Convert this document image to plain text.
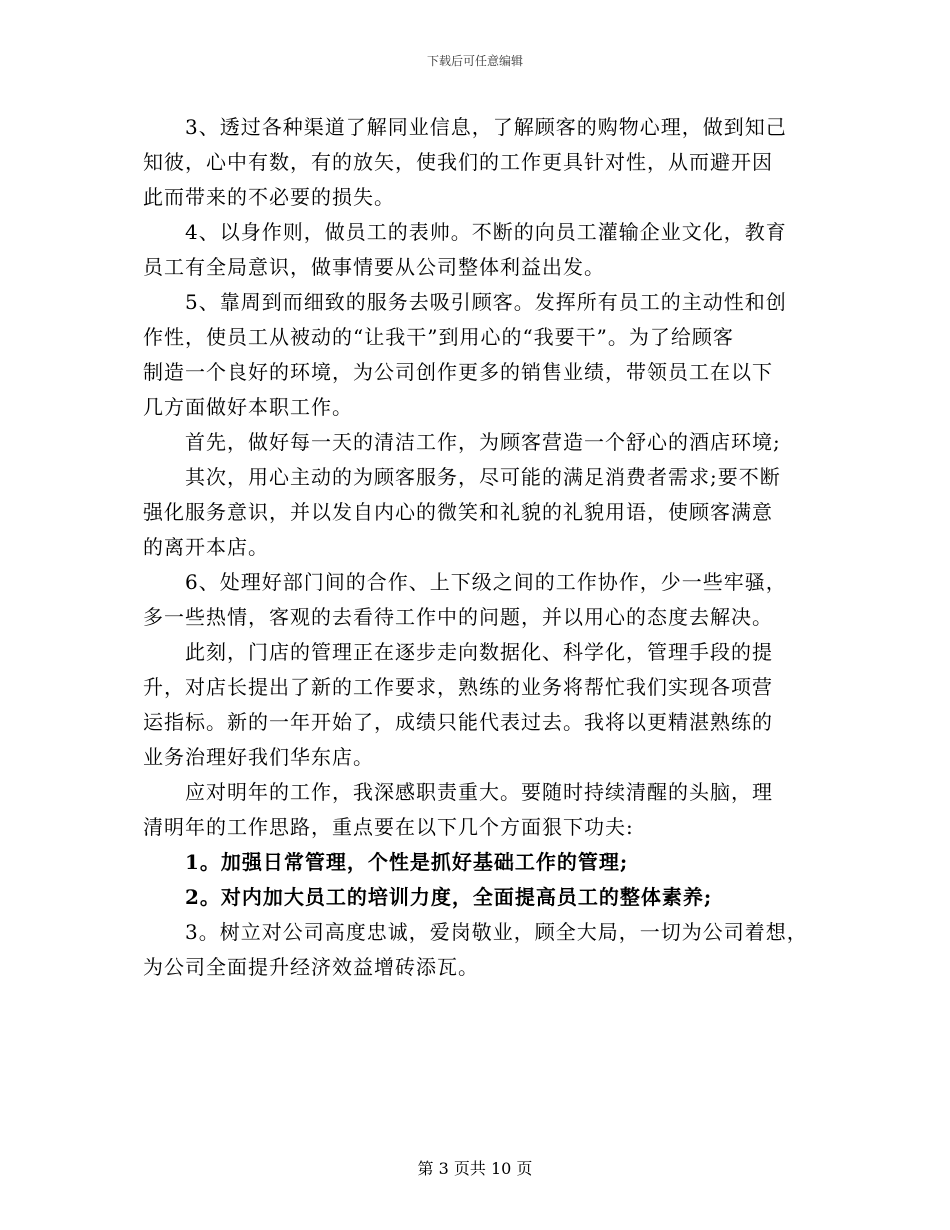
下载后可任意编辑
3、透过各种渠道了解同业信息，了解顾客的购物心理，做到知己
知彼，心中有数，有的放矢，使我们的工作更具针对性，从而避开因
此而带来的不必要的损失。
4、以身作则，做员工的表帅。不断的向员工灌输企业文化，教育
员工有全局意识，做事情要从公司整体利益出发。
5、靠周到而细致的服务去吸引顾客。发挥所有员工的主动性和创
作性，使员工从被动的“让我干”到用心的“我要干”。为了给顾客
制造一个良好的环境，为公司创作更多的销售业绩，带领员工在以下
几方面做好本职工作。
首先，做好每一天的清洁工作，为顾客营造一个舒心的酒店环境;
其次，用心主动的为顾客服务，尽可能的满足消费者需求;要不断
强化服务意识，并以发自内心的微笑和礼貌的礼貌用语，使顾客满意
的离开本店。
6、处理好部门间的合作、上下级之间的工作协作，少一些牢骚，
多一些热情，客观的去看待工作中的问题，并以用心的态度去解决。
此刻，门店的管理正在逐步走向数据化、科学化，管理手段的提
升，对店长提出了新的工作要求，熟练的业务将帮忙我们实现各项营
运指标。新的一年开始了，成绩只能代表过去。我将以更精湛熟练的
业务治理好我们华东店。
应对明年的工作，我深感职责重大。要随时持续清醒的头脑，理
清明年的工作思路，重点要在以下几个方面狠下功夫:
1。加强日常管理，个性是抓好基础工作的管理;
2。对内加大员工的培训力度，全面提高员工的整体素养;
3。树立对公司高度忠诚，爱岗敬业，顾全大局，一切为公司着想，
为公司全面提升经济效益增砖添瓦。
第 3 页共 10 页
